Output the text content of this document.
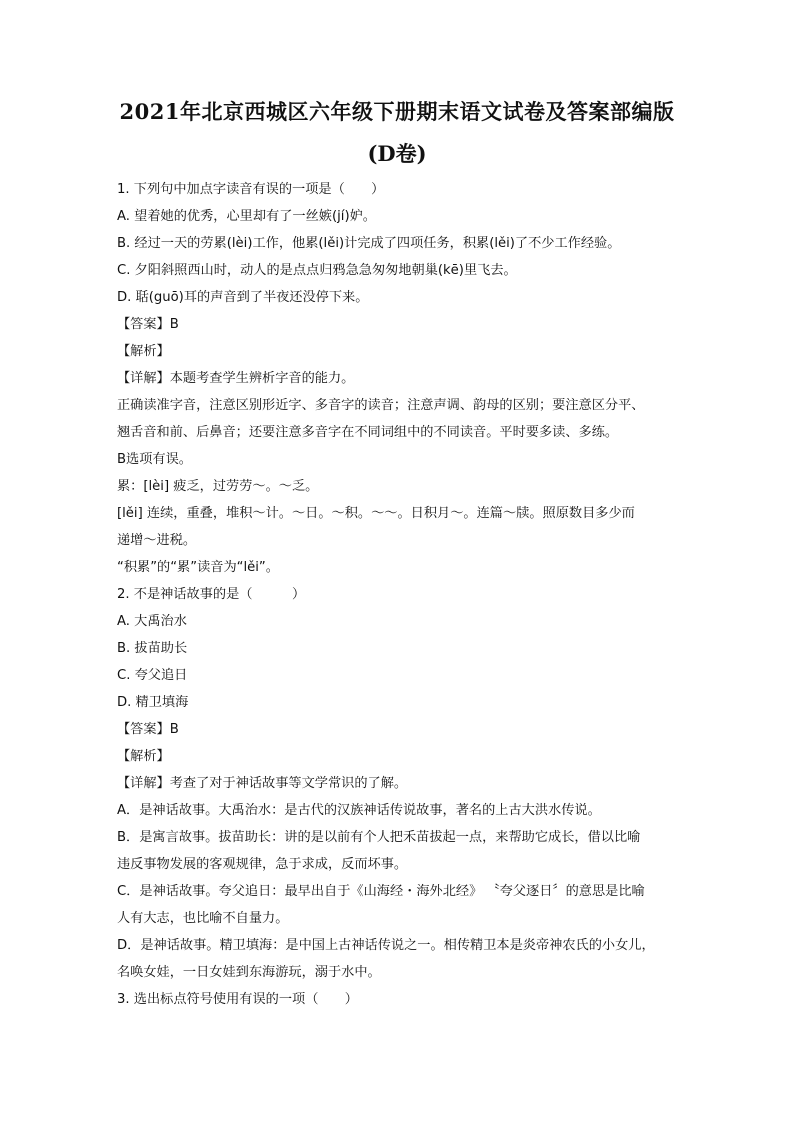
2021年北京西城区六年级下册期末语文试卷及答案部编版
(D卷)
1. 下列句中加点字读音有误的一项是（　　）
A. 望着她的优秀，心里却有了一丝嫉(jí)妒。
B. 经过一天的劳累(lèi)工作，他累(lěi)计完成了四项任务，积累(lěi)了不少工作经验。
C. 夕阳斜照西山时，动人的是点点归鸦急急匆匆地朝巢(kē)里飞去。
D. 聒(guō)耳的声音到了半夜还没停下来。
【答案】B
【解析】
【详解】本题考查学生辨析字音的能力。
正确读准字音，注意区别形近字、多音字的读音；注意声调、韵母的区别；要注意区分平、
翘舌音和前、后鼻音；还要注意多音字在不同词组中的不同读音。平时要多读、多练。
B选项有误。
累：[lèi] 疲乏，过劳劳～。～乏。
[lěi] 连续，重叠，堆积～计。～日。～积。～～。日积月～。连篇～牍。照原数目多少而
递增～进税。
“积累”的“累”读音为“lěi”。
2. 不是神话故事的是（　　　）
A. 大禹治水
B. 拔苗助长
C. 夸父追日
D. 精卫填海
【答案】B
【解析】
【详解】考查了对于神话故事等文学常识的了解。
A．是神话故事。大禹治水：是古代的汉族神话传说故事，著名的上古大洪水传说。
B．是寓言故事。拔苗助长：讲的是以前有个人把禾苗拔起一点，来帮助它成长，借以比喻
违反事物发展的客观规律，急于求成，反而坏事。
C．是神话故事。夸父追日：最早出自于《山海经・海外北经》 〝夸父逐日〞的意思是比喻
人有大志，也比喻不自量力。
D．是神话故事。精卫填海：是中国上古神话传说之一。相传精卫本是炎帝神农氏的小女儿，
名唤女娃，一日女娃到东海游玩，溺于水中。
3. 选出标点符号使用有误的一项（　　）
